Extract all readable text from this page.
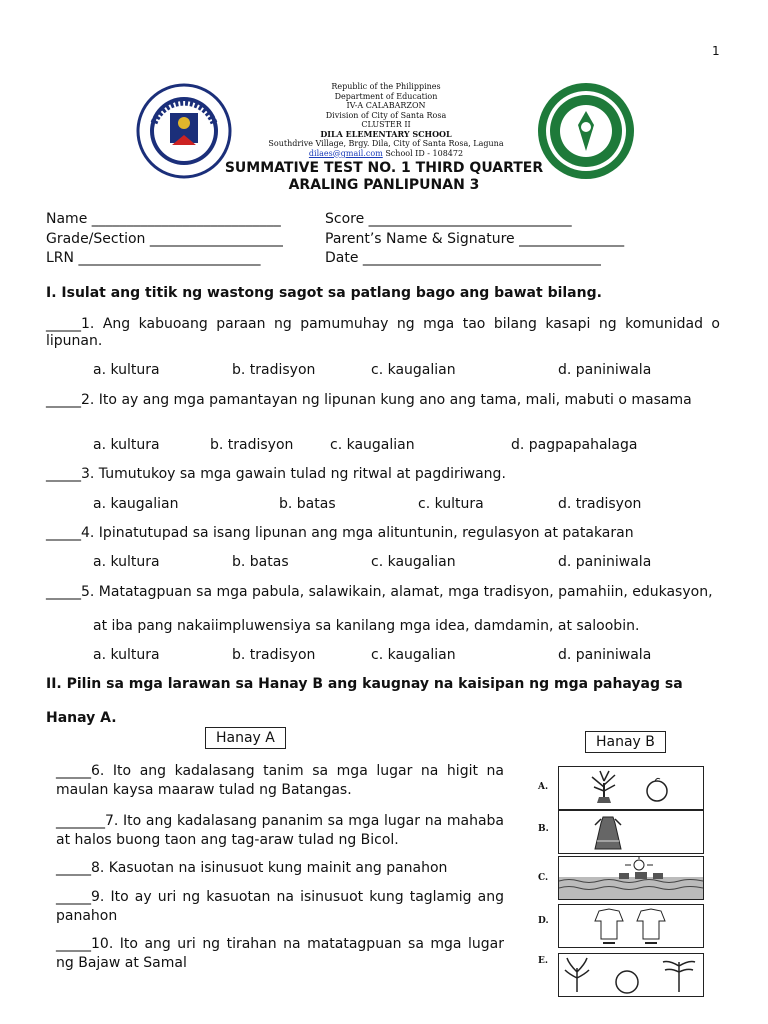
1
Republic of the Philippines
Department of Education
IV-A CALABARZON
Division of City of Santa Rosa
CLUSTER II
DILA ELEMENTARY SCHOOL
Southdrive Village, Brgy. Dila, City of Santa Rosa, Laguna
dilaes@gmail.com School ID - 108472
SUMMATIVE TEST NO. 1 THIRD QUARTER
ARALING PANLIPUNAN 3
Name ___________________________	Score _____________________________
Grade/Section ___________________	Parent’s Name & Signature _______________
LRN __________________________	Date __________________________________
I. Isulat ang titik ng wastong sagot sa patlang bago ang bawat bilang.
_____1. Ang kabuoang paraan ng pamumuhay ng mga tao bilang kasapi ng komunidad o lipunan.
a. kultura	b. tradisyon	c. kaugalian	d. paniniwala
_____2. Ito ay ang mga pamantayan ng lipunan kung ano ang tama, mali, mabuti o masama
a. kultura	b. tradisyon	c. kaugalian	d. pagpapahalaga
_____3. Tumutukoy sa mga gawain tulad ng ritwal at pagdiriwang.
a. kaugalian	b. batas	c. kultura	d. tradisyon
_____4. Ipinatutupad sa isang lipunan ang mga alituntunin, regulasyon at patakaran
a. kultura	b. batas	c. kaugalian	d. paniniwala
_____5. Matatagpuan sa mga pabula, salawikain, alamat, mga tradisyon, pamahiin, edukasyon,
at iba pang nakaiimpluwensiya sa kanilang mga idea, damdamin, at saloobin.
a. kultura	b. tradisyon	c. kaugalian	d. paniniwala
II. Pilin sa mga larawan sa Hanay B ang kaugnay na kaisipan ng mga pahayag sa
Hanay A.
Hanay A	Hanay B
_____6. Ito ang kadalasang tanim sa mga lugar na higit na maulan kaysa maaraw tulad ng Batangas.
_______7. Ito ang kadalasang pananim sa mga lugar na mahaba at halos buong taon ang tag-araw tulad ng Bicol.
_____8. Kasuotan na isinusuot kung mainit ang panahon
_____9. Ito ay uri ng kasuotan na isinusuot kung taglamig ang panahon
_____10. Ito ang uri ng tirahan na matatagpuan sa mga lugar ng Bajaw at Samal
A.
B.
C.
D.
E.
